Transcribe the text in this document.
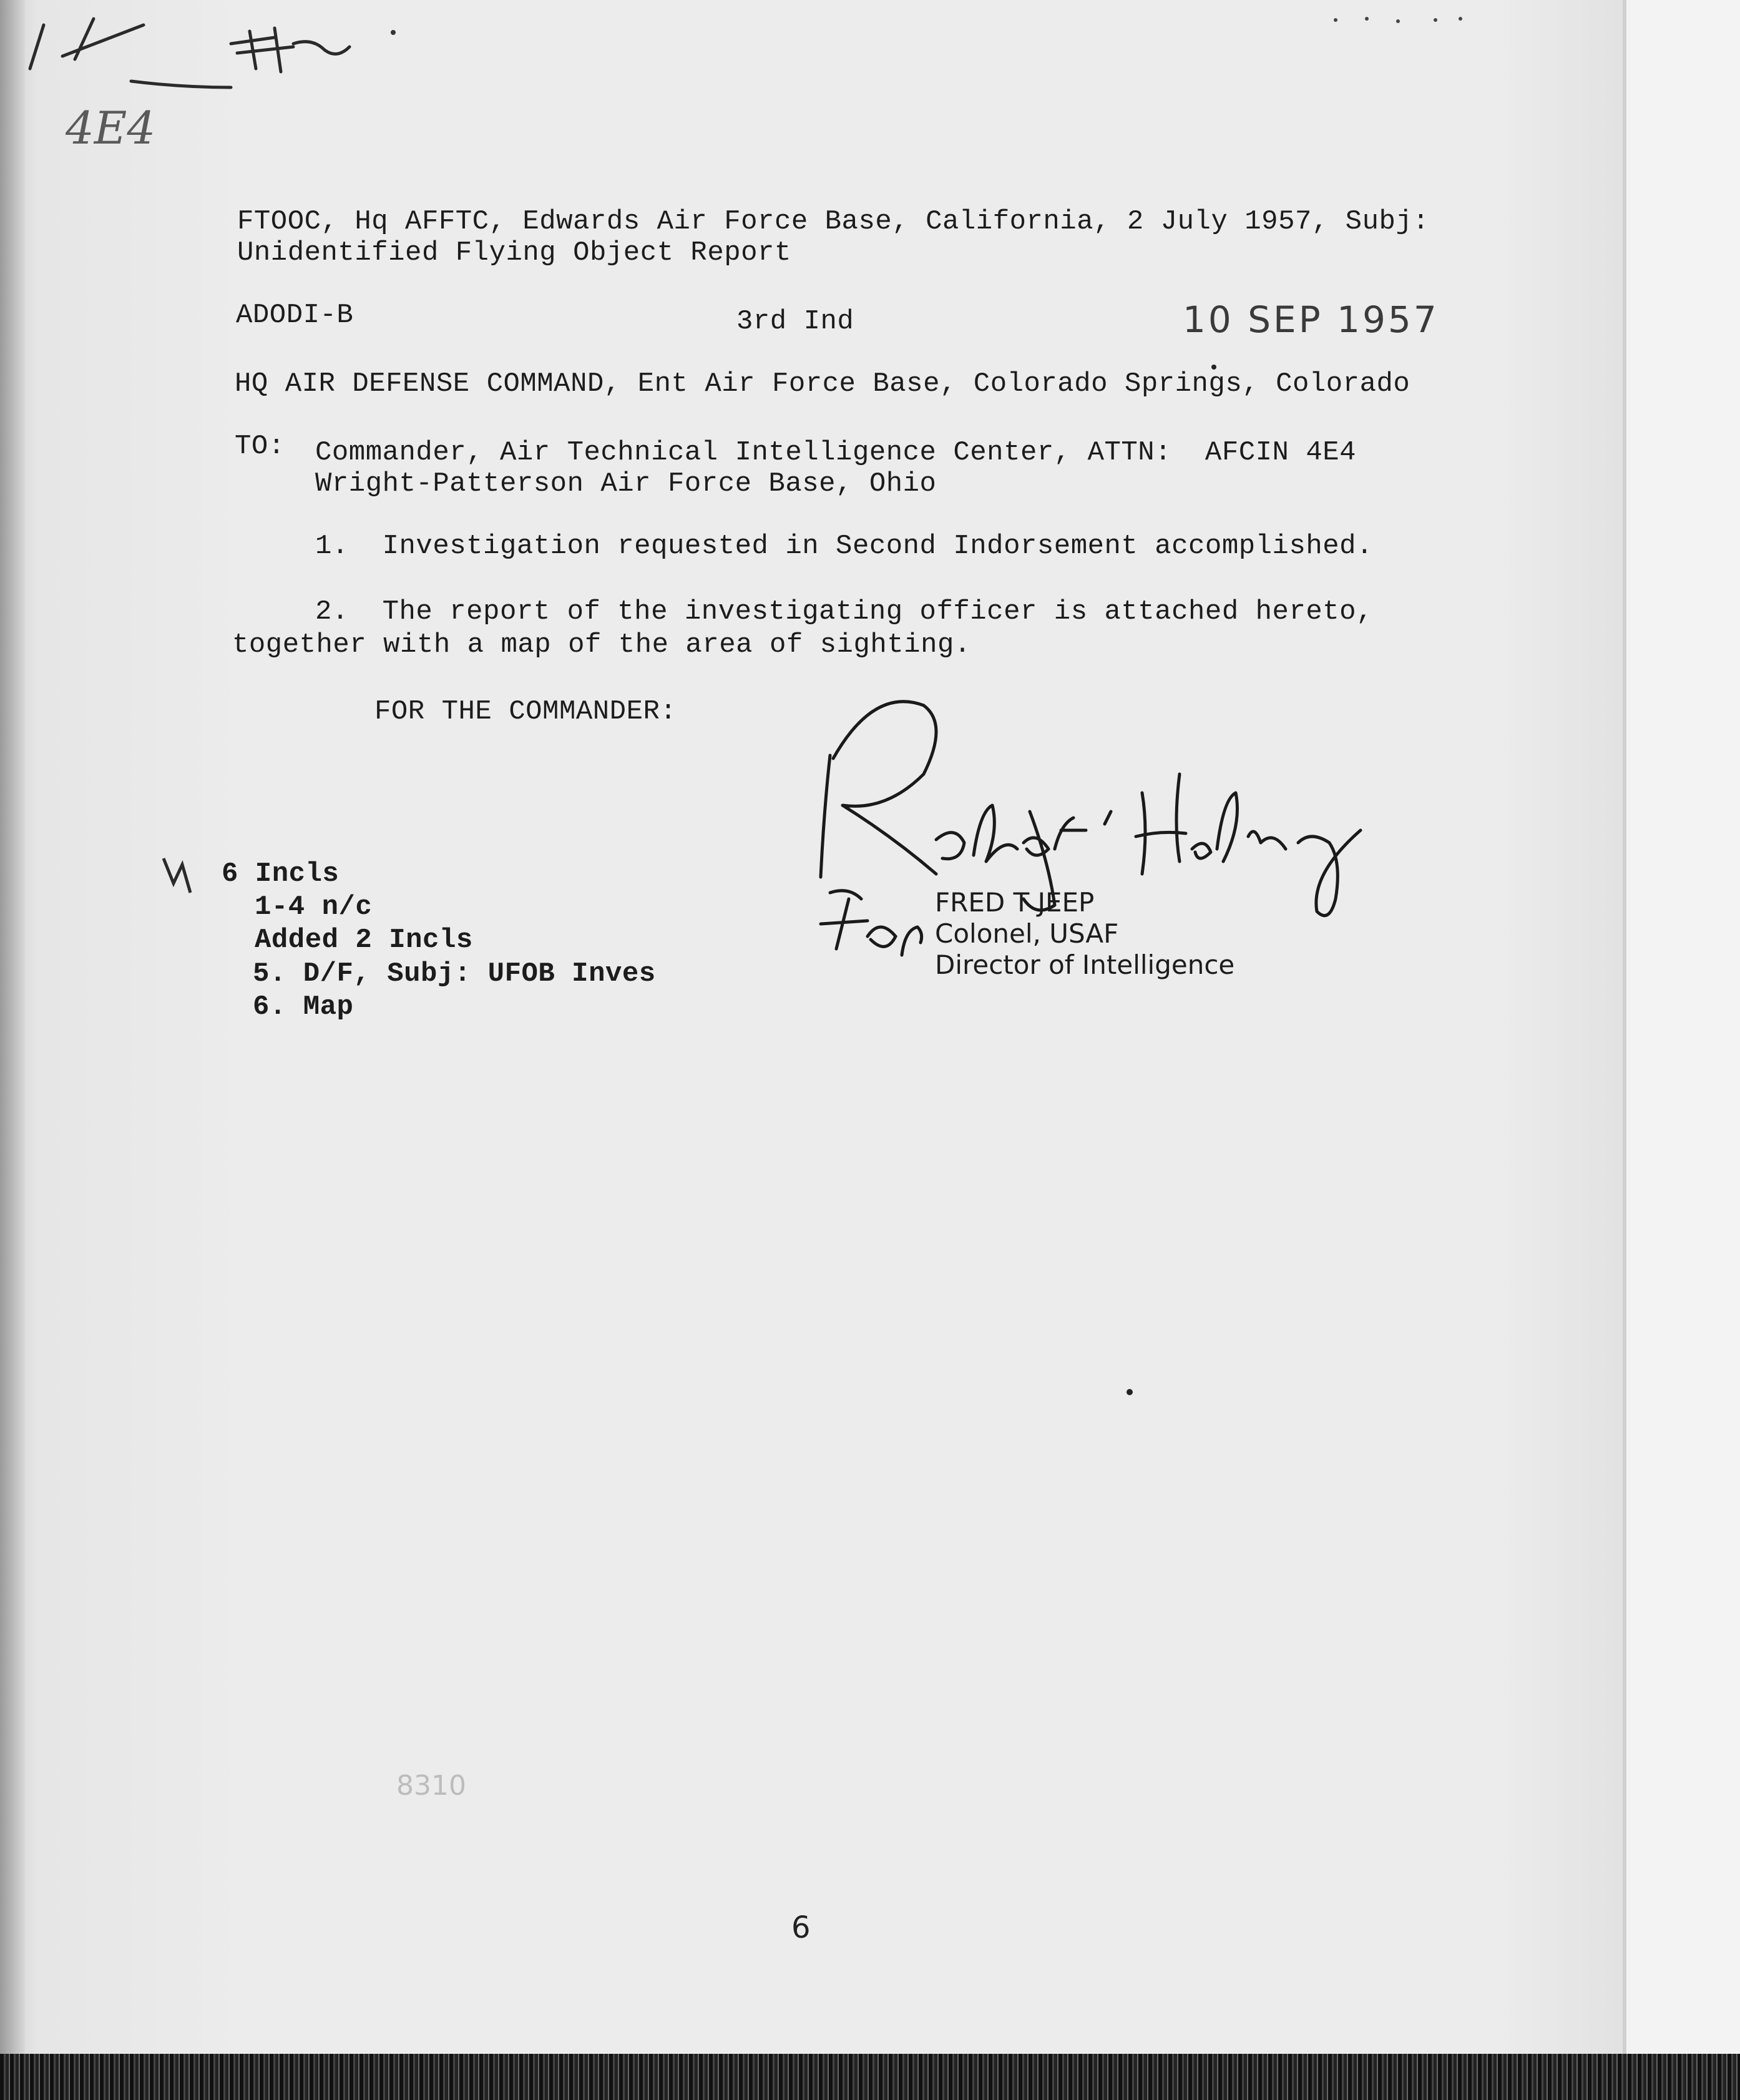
4E4
FTOOC, Hq AFFTC, Edwards Air Force Base, California, 2 July 1957, Subj:
Unidentified Flying Object Report
ADODI-B	3rd Ind	10 SEP 1957
HQ AIR DEFENSE COMMAND, Ent Air Force Base, Colorado Springs, Colorado
TO: Commander, Air Technical Intelligence Center, ATTN:  AFCIN 4E4
Wright-Patterson Air Force Base, Ohio
1.  Investigation requested in Second Indorsement accomplished.
2.  The report of the investigating officer is attached hereto,
together with a map of the area of sighting.
FOR THE COMMANDER:
6 Incls
1-4 n/c
Added 2 Incls
5. D/F, Subj: UFOB Inves
6. Map
FRED T JEEP
Colonel, USAF
Director of Intelligence
8310
6
